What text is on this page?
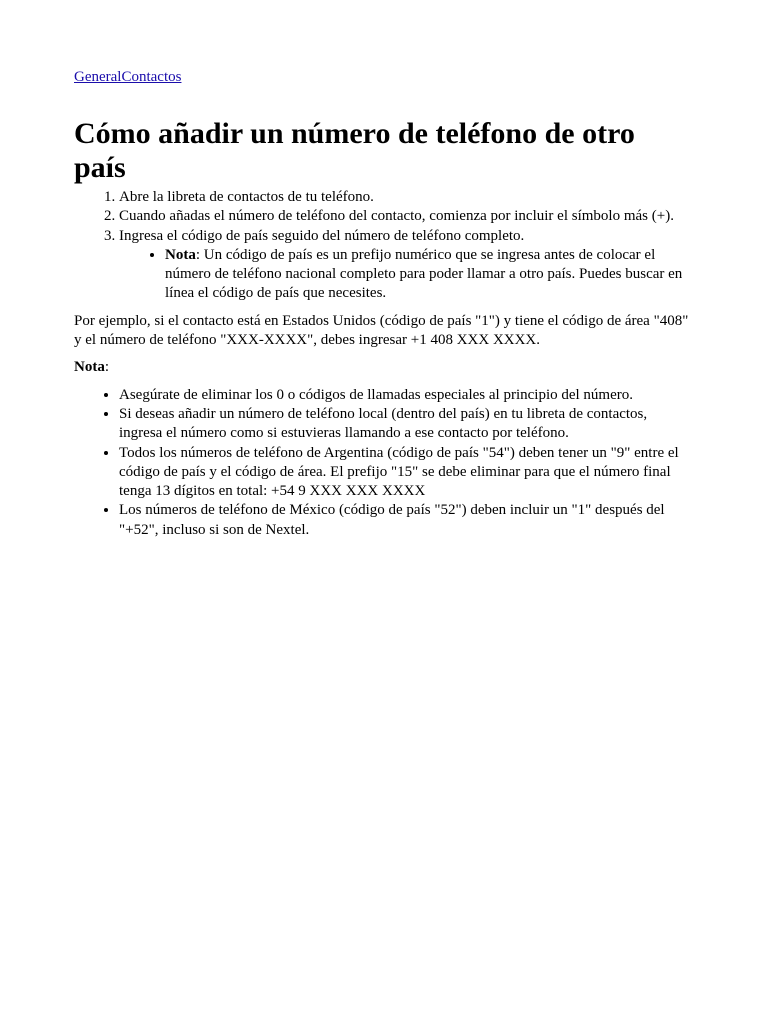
GeneralContactos
Cómo añadir un número de teléfono de otro país
1. Abre la libreta de contactos de tu teléfono.
2. Cuando añadas el número de teléfono del contacto, comienza por incluir el símbolo más (+).
3. Ingresa el código de país seguido del número de teléfono completo.
• Nota: Un código de país es un prefijo numérico que se ingresa antes de colocar el número de teléfono nacional completo para poder llamar a otro país. Puedes buscar en línea el código de país que necesites.

Por ejemplo, si el contacto está en Estados Unidos (código de país "1") y tiene el código de área "408" y el número de teléfono "XXX-XXXX", debes ingresar +1 408 XXX XXXX.

Nota:

• Asegúrate de eliminar los 0 o códigos de llamadas especiales al principio del número.
• Si deseas añadir un número de teléfono local (dentro del país) en tu libreta de contactos, ingresa el número como si estuvieras llamando a ese contacto por teléfono.
• Todos los números de teléfono de Argentina (código de país "54") deben tener un "9" entre el código de país y el código de área. El prefijo "15" se debe eliminar para que el número final tenga 13 dígitos en total: +54 9 XXX XXX XXXX
• Los números de teléfono de México (código de país "52") deben incluir un "1" después del "+52", incluso si son de Nextel.
